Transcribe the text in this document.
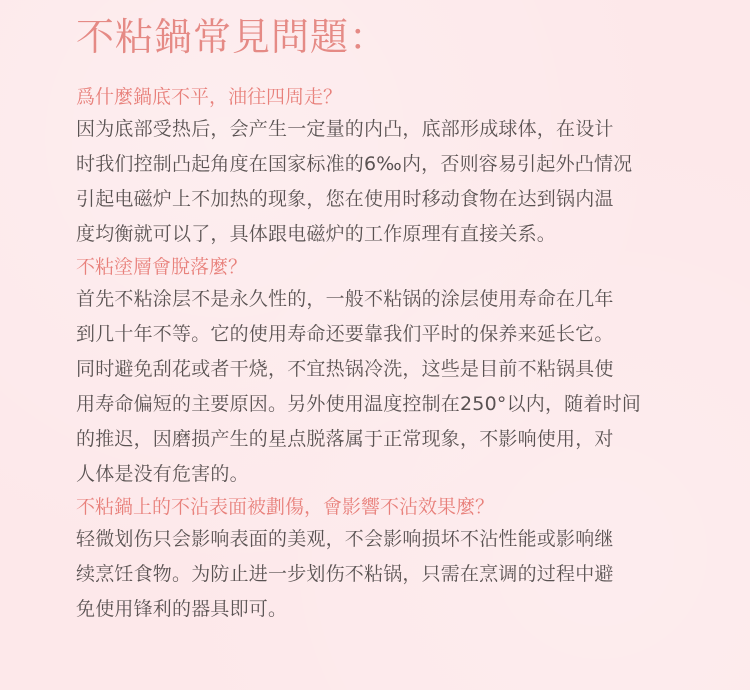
不粘鍋常見問題：
爲什麼鍋底不平，油往四周走？
因为底部受热后，会产生一定量的内凸，底部形成球体，在设计
时我们控制凸起角度在国家标准的6‰内，否则容易引起外凸情况
引起电磁炉上不加热的现象，您在使用时移动食物在达到锅内温
度均衡就可以了，具体跟电磁炉的工作原理有直接关系。
不粘塗層會脫落麼？
首先不粘涂层不是永久性的，一般不粘锅的涂层使用寿命在几年
到几十年不等。它的使用寿命还要靠我们平时的保养来延长它。
同时避免刮花或者干烧，不宜热锅冷洗，这些是目前不粘锅具使
用寿命偏短的主要原因。另外使用温度控制在250°以内，随着时间
的推迟，因磨损产生的星点脱落属于正常现象，不影响使用，对
人体是没有危害的。
不粘鍋上的不沾表面被劃傷，會影響不沾效果麼？
轻微划伤只会影响表面的美观，不会影响损坏不沾性能或影响继
续烹饪食物。为防止进一步划伤不粘锅，只需在烹调的过程中避
免使用锋利的器具即可。
